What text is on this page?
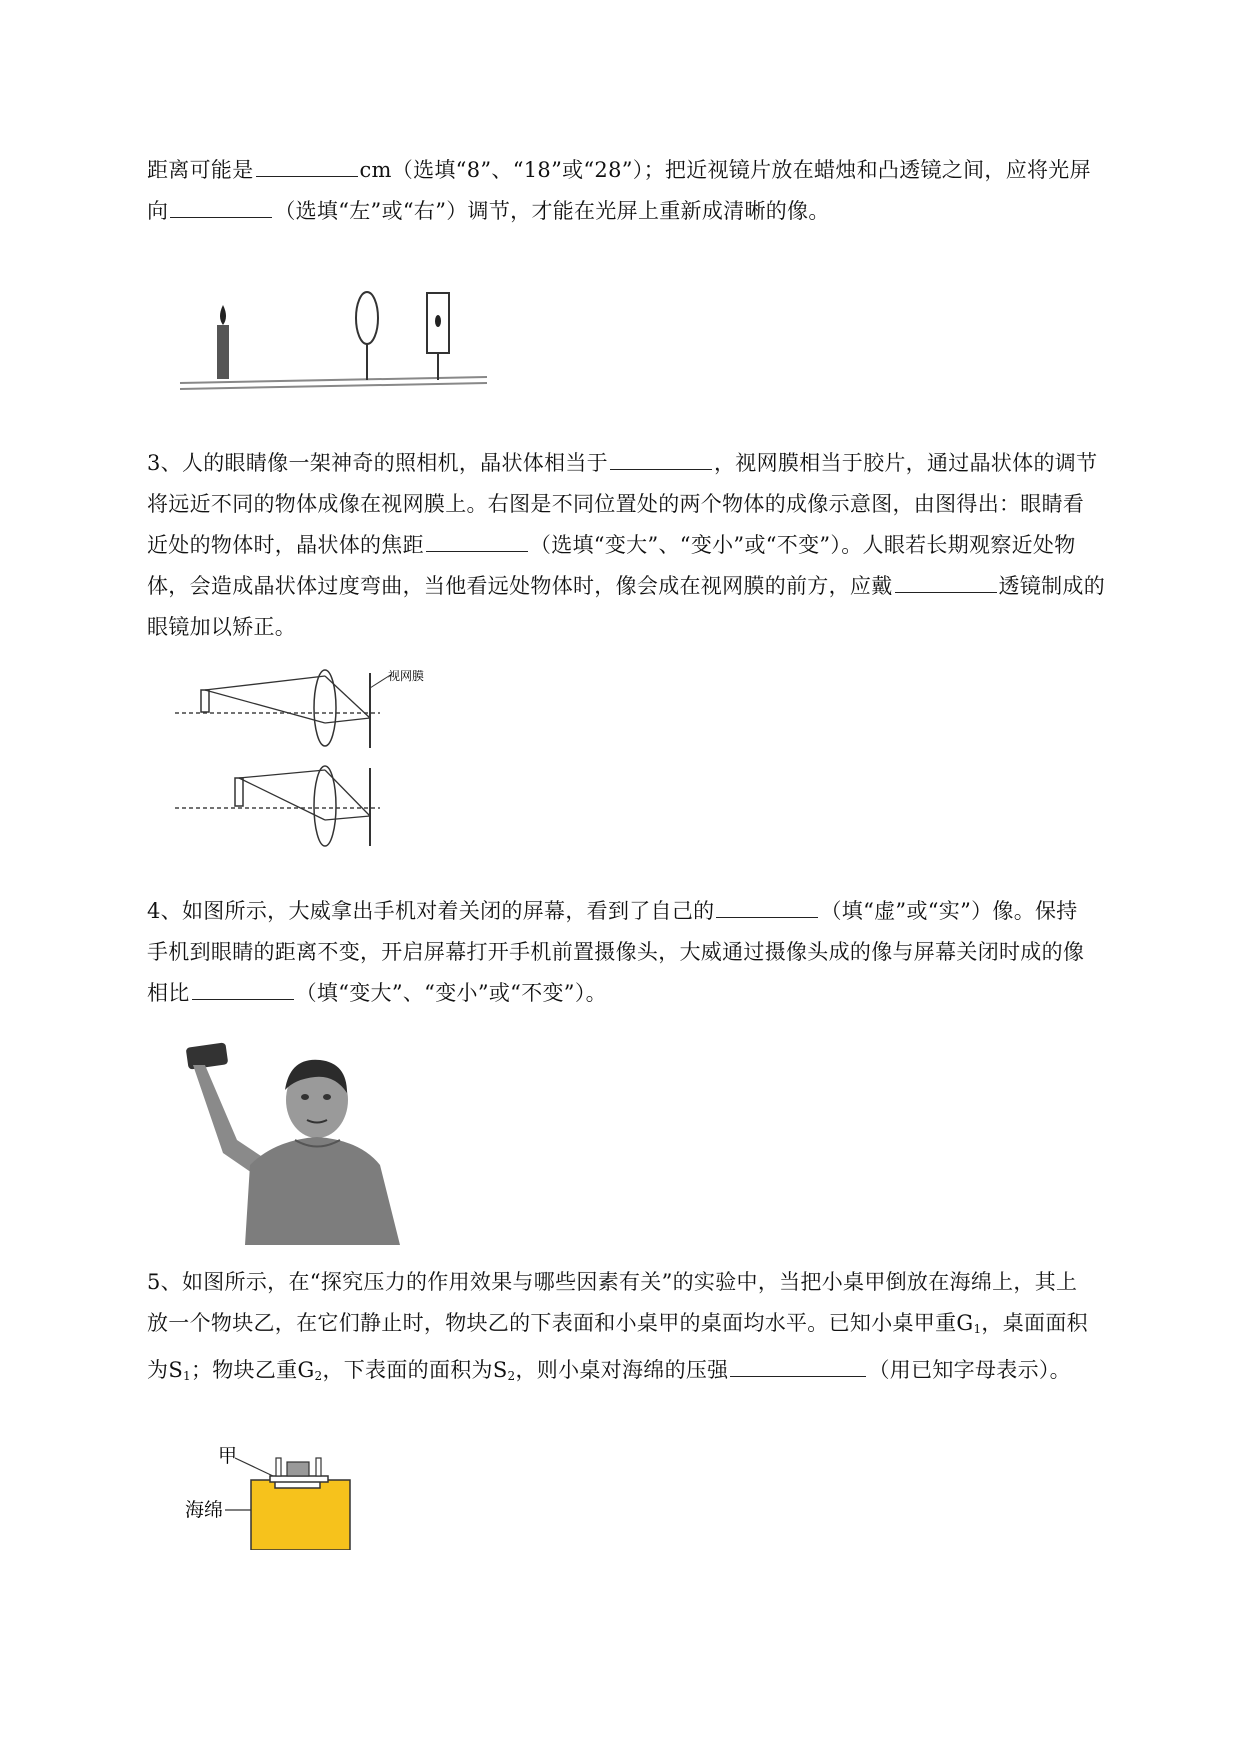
距离可能是	cm（选填“8”、“18”或“28”）；把近视镜片放在蜡烛和凸透镜之间，应将光屏
向	（选填“左”或“右”）调节，才能在光屏上重新成清晰的像。
3、人的眼睛像一架神奇的照相机，晶状体相当于	，视网膜相当于胶片，通过晶状体的调节
将远近不同的物体成像在视网膜上。右图是不同位置处的两个物体的成像示意图，由图得出：眼睛看
近处的物体时，晶状体的焦距	（选填“变大”、“变小”或“不变”）。人眼若长期观察近处物
体，会造成晶状体过度弯曲，当他看远处物体时，像会成在视网膜的前方，应戴	透镜制成的
眼镜加以矫正。
视网膜
4、如图所示，大威拿出手机对着关闭的屏幕，看到了自己的	（填“虚”或“实”）像。保持
手机到眼睛的距离不变，开启屏幕打开手机前置摄像头，大威通过摄像头成的像与屏幕关闭时成的像
相比	（填“变大”、“变小”或“不变”）。
5、如图所示，在“探究压力的作用效果与哪些因素有关”的实验中，当把小桌甲倒放在海绵上，其上
放一个物块乙，在它们静止时，物块乙的下表面和小桌甲的桌面均水平。已知小桌甲重$G_1$，桌面面积
为$S_1$；物块乙重$G_2$，下表面的面积为$S_2$，则小桌对海绵的压强	（用已知字母表示）。
甲
海绵
